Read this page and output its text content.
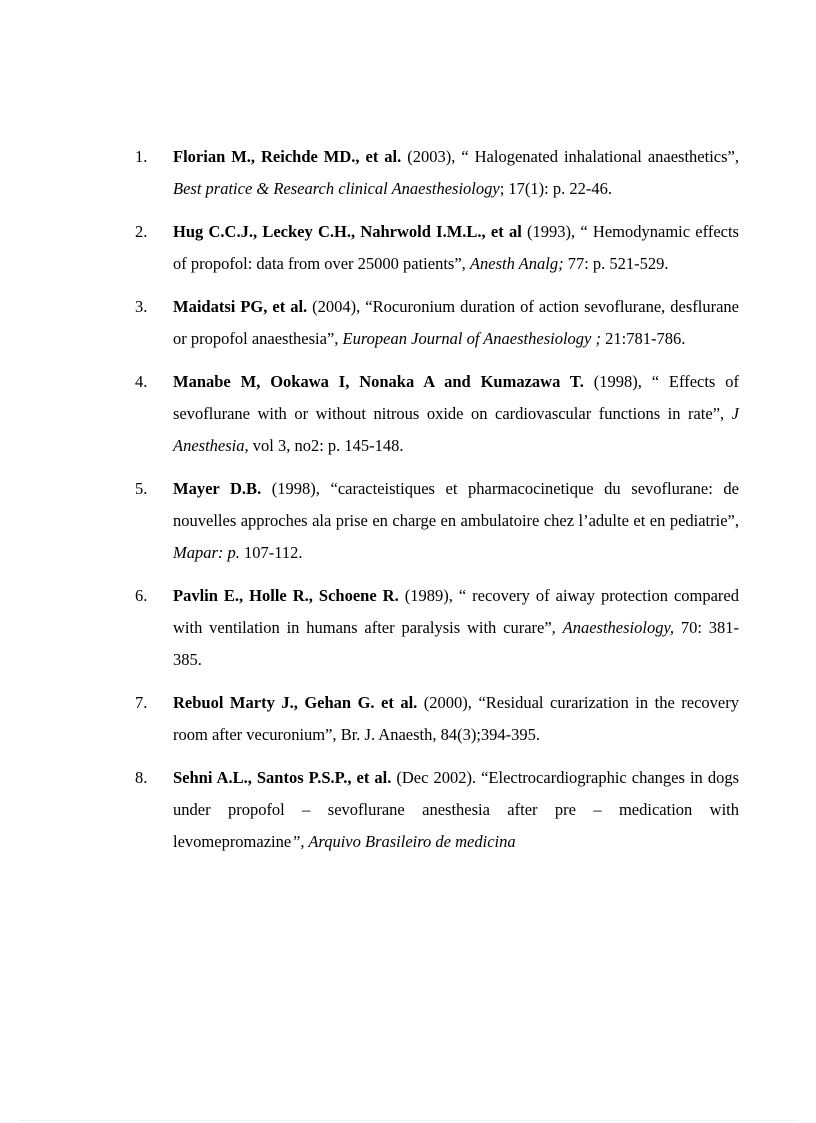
1. Florian M., Reichde MD., et al. (2003), “ Halogenated inhalational anaesthetics”, Best pratice & Research clinical Anaesthesiology; 17(1): p. 22-46.
2. Hug C.C.J., Leckey C.H., Nahrwold I.M.L., et al (1993), “ Hemodynamic effects of propofol: data from over 25000 patients”, Anesth Analg; 77: p. 521-529.
3. Maidatsi PG, et al. (2004), “Rocuronium duration of action sevoflurane, desflurane or propofol anaesthesia”, European Journal of Anaesthesiology ; 21:781-786.
4. Manabe M, Ookawa I, Nonaka A and Kumazawa T. (1998), “ Effects of sevoflurane with or without nitrous oxide on cardiovascular functions in rate”, J Anesthesia, vol 3, no2: p. 145-148.
5. Mayer D.B. (1998), “caracteistiques et pharmacocinetique du sevoflurane: de nouvelles approches ala prise en charge en ambulatoire chez l’adulte et en pediatrie”, Mapar: p. 107-112.
6. Pavlin E., Holle R., Schoene R. (1989), “ recovery of aiway protection compared with ventilation in humans after paralysis with curare”, Anaesthesiology, 70: 381-385.
7. Rebuol Marty J., Gehan G. et al. (2000), “Residual curarization in the recovery room after vecuronium”, Br. J. Anaesth, 84(3);394-395.
8. Sehni A.L., Santos P.S.P., et al. (Dec 2002). “Electrocardiographic changes in dogs under propofol – sevoflurane anesthesia after pre – medication with levomepromazine”, Arquivo Brasileiro de medicina
